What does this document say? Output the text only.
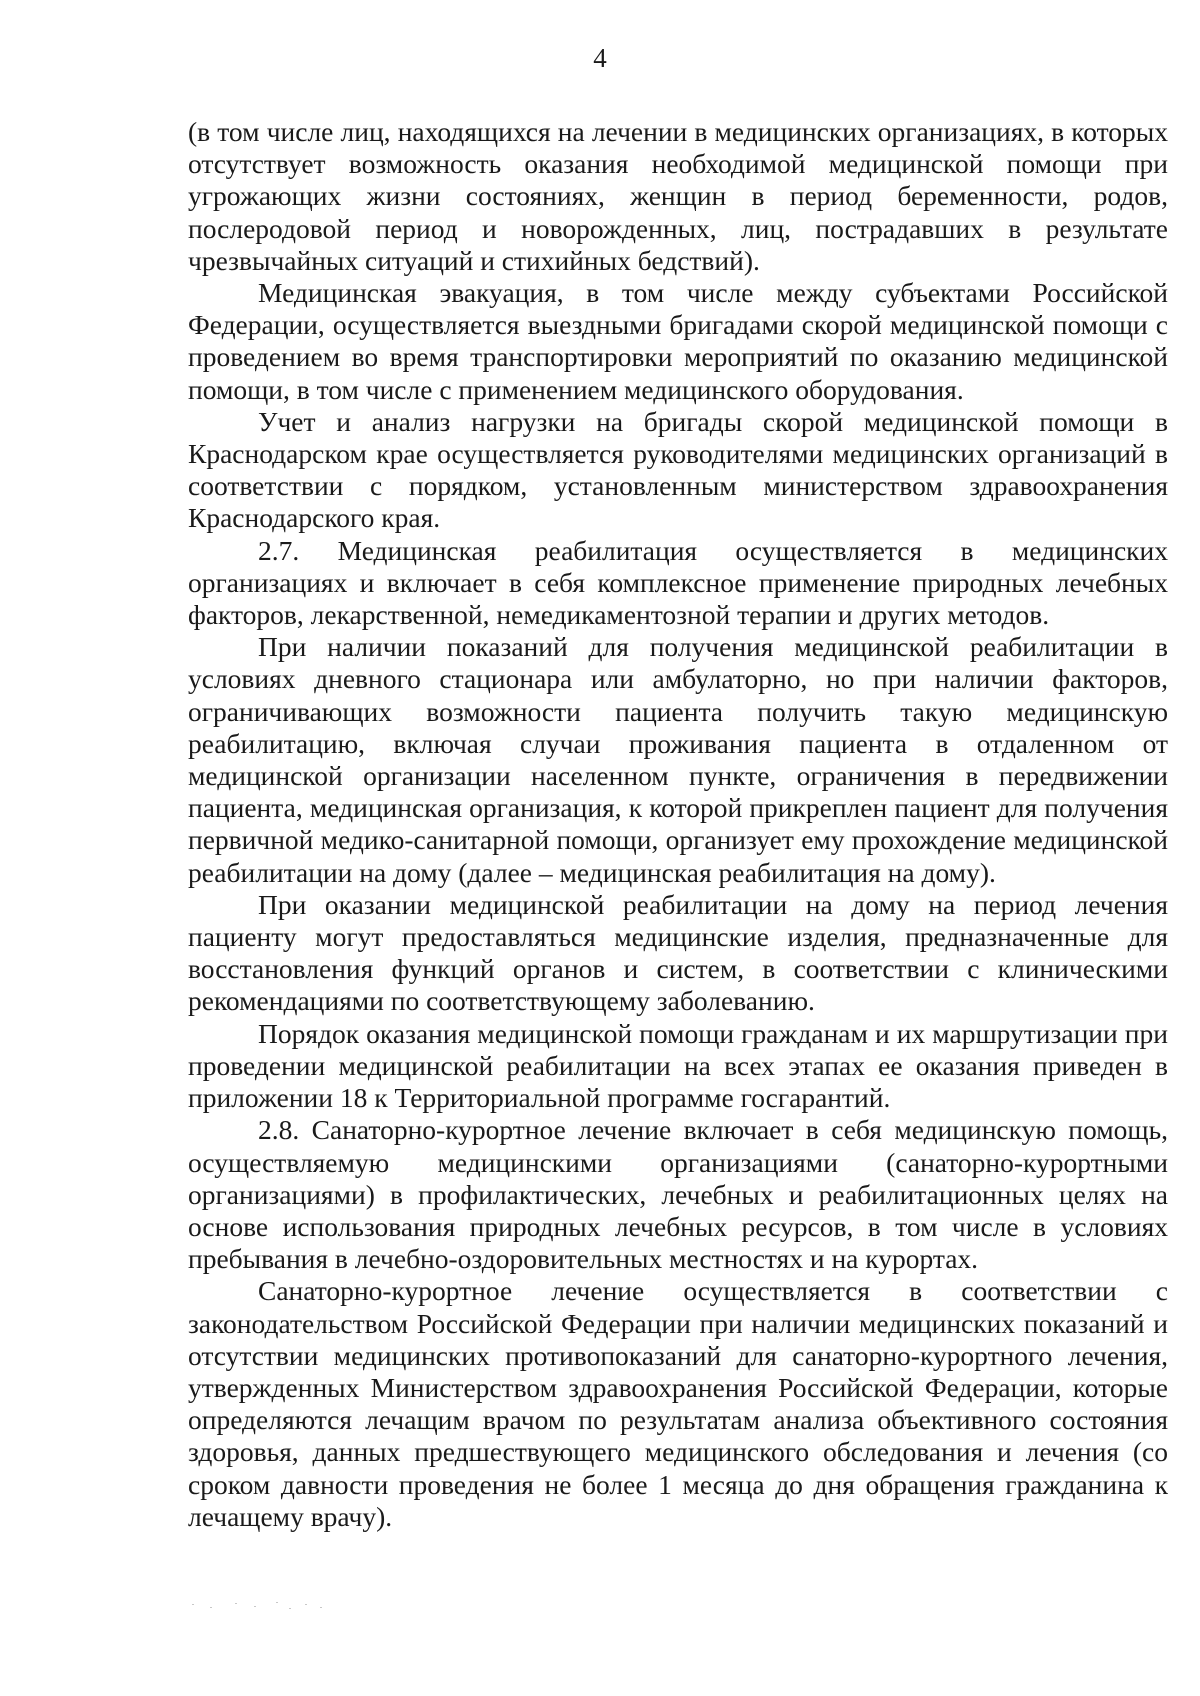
4

(в том числе лиц, находящихся на лечении в медицинских организациях, в которых отсутствует возможность оказания необходимой медицинской помощи при угрожающих жизни состояниях, женщин в период беременности, родов, послеродовой период и новорожденных, лиц, пострадавших в результате чрезвычайных ситуаций и стихийных бедствий).

Медицинская эвакуация, в том числе между субъектами Российской Федерации, осуществляется выездными бригадами скорой медицинской помощи с проведением во время транспортировки мероприятий по оказанию медицинской помощи, в том числе с применением медицинского оборудования.

Учет и анализ нагрузки на бригады скорой медицинской помощи в Краснодарском крае осуществляется руководителями медицинских организаций в соответствии с порядком, установленным министерством здравоохранения Краснодарского края.

2.7. Медицинская реабилитация осуществляется в медицинских организациях и включает в себя комплексное применение природных лечебных факторов, лекарственной, немедикаментозной терапии и других методов.

При наличии показаний для получения медицинской реабилитации в условиях дневного стационара или амбулаторно, но при наличии факторов, ограничивающих возможности пациента получить такую медицинскую реабилитацию, включая случаи проживания пациента в отдаленном от медицинской организации населенном пункте, ограничения в передвижении пациента, медицинская организация, к которой прикреплен пациент для получения первичной медико-санитарной помощи, организует ему прохождение медицинской реабилитации на дому (далее – медицинская реабилитация на дому).

При оказании медицинской реабилитации на дому на период лечения пациенту могут предоставляться медицинские изделия, предназначенные для восстановления функций органов и систем, в соответствии с клиническими рекомендациями по соответствующему заболеванию.

Порядок оказания медицинской помощи гражданам и их маршрутизации при проведении медицинской реабилитации на всех этапах ее оказания приведен в приложении 18 к Территориальной программе госгарантий.

2.8. Санаторно-курортное лечение включает в себя медицинскую помощь, осуществляемую медицинскими организациями (санаторно-курортными организациями) в профилактических, лечебных и реабилитационных целях на основе использования природных лечебных ресурсов, в том числе в условиях пребывания в лечебно-оздоровительных местностях и на курортах.

Санаторно-курортное лечение осуществляется в соответствии с законодательством Российской Федерации при наличии медицинских показаний и отсутствии медицинских противопоказаний для санаторно-курортного лечения, утвержденных Министерством здравоохранения Российской Федерации, которые определяются лечащим врачом по результатам анализа объективного состояния здоровья, данных предшествующего медицинского обследования и лечения (со сроком давности проведения не более 1 месяца до дня обращения гражданина к лечащему врачу).
